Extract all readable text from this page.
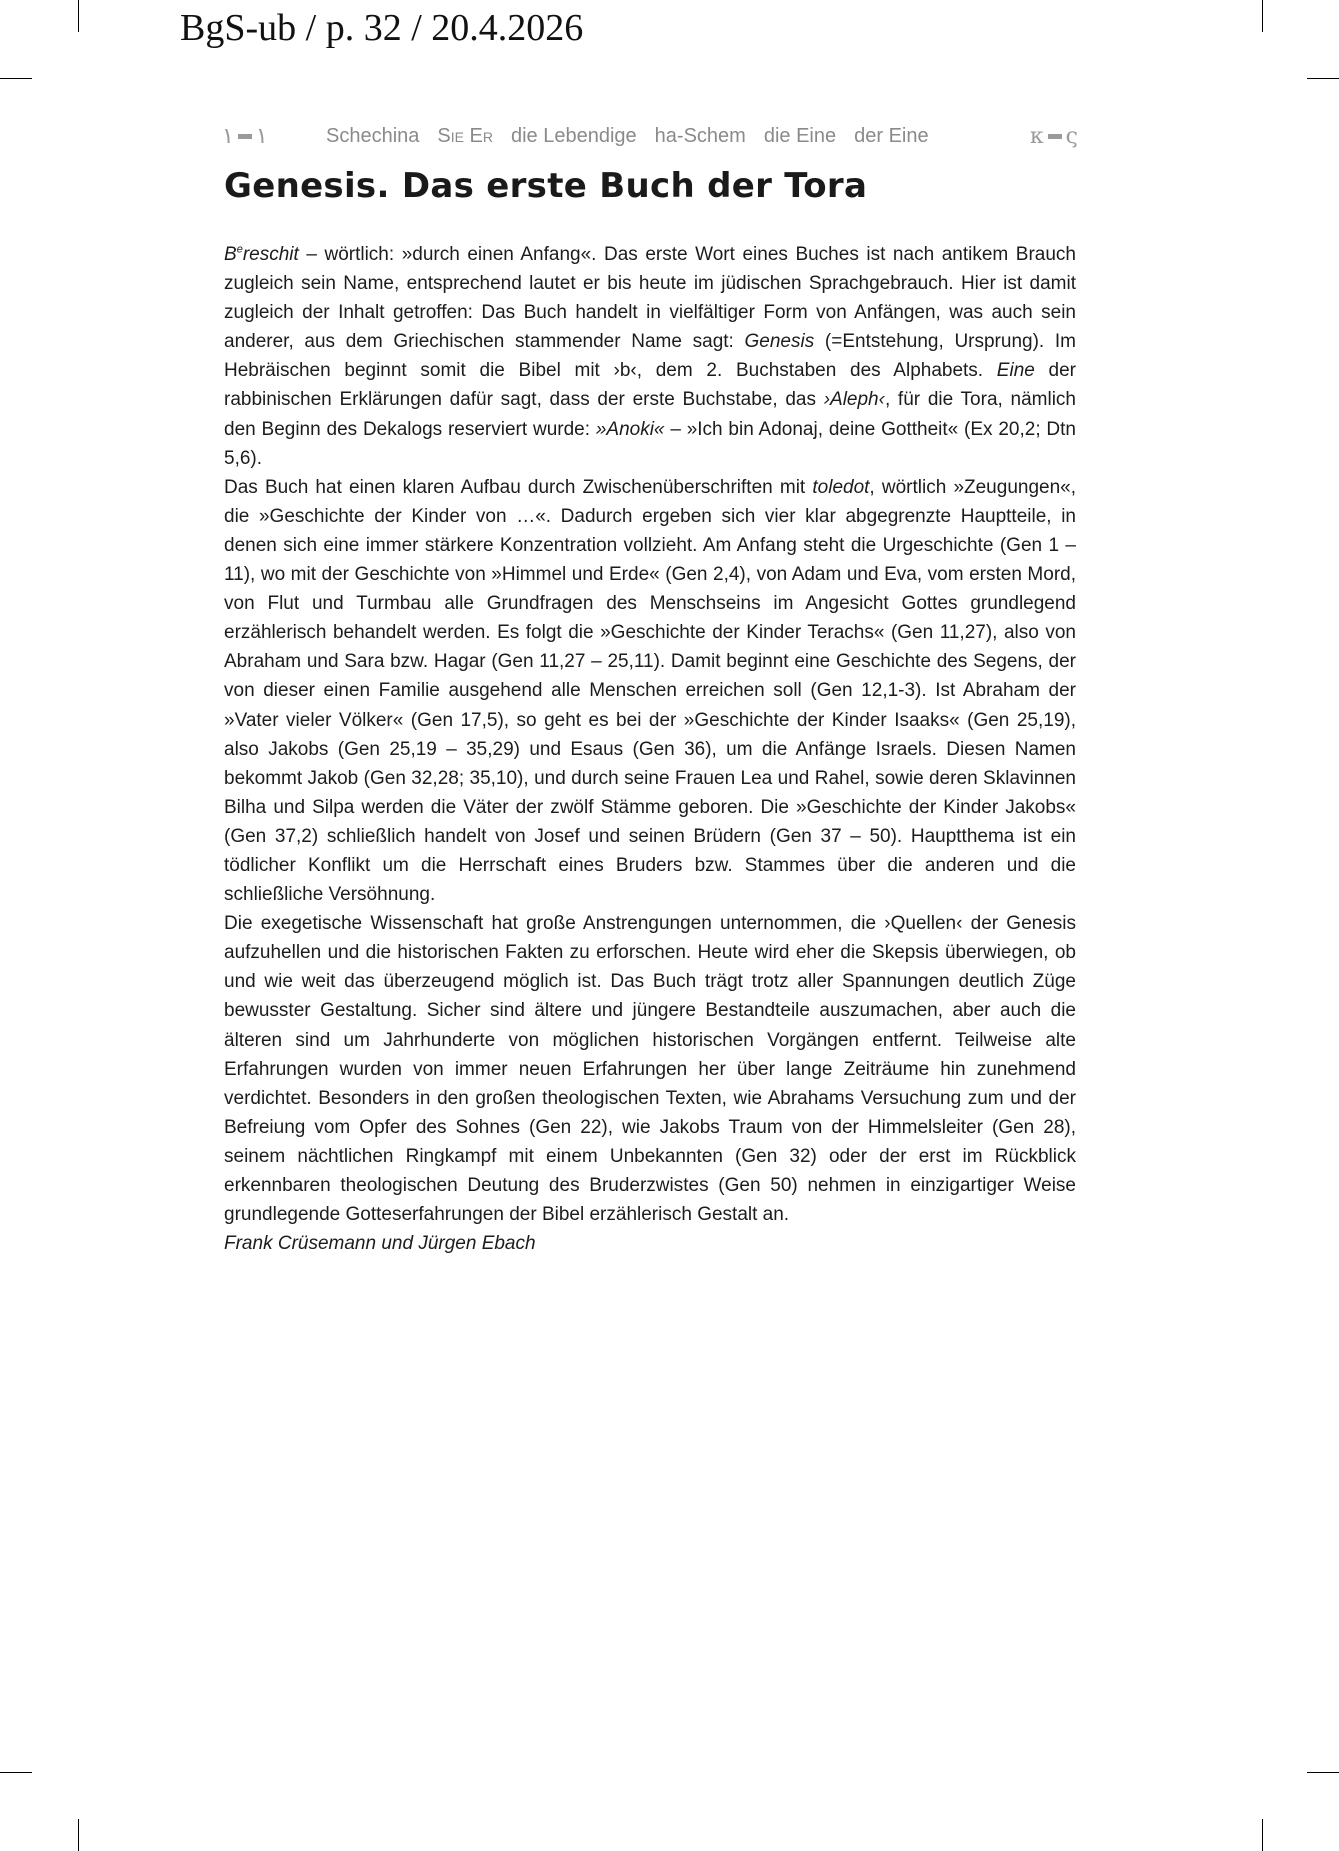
BgS-ub / p. 32 / 20.4.2026
١ ١	Schechina Sie Er die Lebendige ha-Schem die Eine der Eine	κ ς
Genesis. Das erste Buch der Tora

$B^ereschit$ – wörtlich: »durch einen Anfang«. Das erste Wort eines Buches ist nach antikem Brauch zugleich sein Name, entsprechend lautet er bis heute im jüdischen Sprachgebrauch. Hier ist damit zugleich der Inhalt getroffen: Das Buch handelt in vielfältiger Form von Anfängen, was auch sein anderer, aus dem Griechischen stammender Name sagt: Genesis (=Entstehung, Ursprung). Im Hebräischen beginnt somit die Bibel mit ›b‹, dem 2. Buchstaben des Alphabets. Eine der rabbinischen Erklärungen dafür sagt, dass der erste Buchstabe, das ›Aleph‹, für die Tora, nämlich den Beginn des Dekalogs reserviert wurde: »Anoki« – »Ich bin Adonaj, deine Gottheit« (Ex 20,2; Dtn 5,6).

Das Buch hat einen klaren Aufbau durch Zwischenüberschriften mit toledot, wörtlich »Zeugungen«, die »Geschichte der Kinder von …«. Dadurch ergeben sich vier klar abgegrenzte Hauptteile, in denen sich eine immer stärkere Konzentration vollzieht. Am Anfang steht die Urgeschichte (Gen 1 – 11), wo mit der Geschichte von »Himmel und Erde« (Gen 2,4), von Adam und Eva, vom ersten Mord, von Flut und Turmbau alle Grundfragen des Menschseins im Angesicht Gottes grundlegend erzählerisch behandelt werden. Es folgt die »Geschichte der Kinder Terachs« (Gen 11,27), also von Abraham und Sara bzw. Hagar (Gen 11,27 – 25,11). Damit beginnt eine Geschichte des Segens, der von dieser einen Familie ausgehend alle Menschen erreichen soll (Gen 12,1-3). Ist Abraham der »Vater vieler Völker« (Gen 17,5), so geht es bei der »Geschichte der Kinder Isaaks« (Gen 25,19), also Jakobs (Gen 25,19 – 35,29) und Esaus (Gen 36), um die Anfänge Israels. Diesen Namen bekommt Jakob (Gen 32,28; 35,10), und durch seine Frauen Lea und Rahel, sowie deren Sklavinnen Bilha und Silpa werden die Väter der zwölf Stämme geboren. Die »Geschichte der Kinder Jakobs« (Gen 37,2) schließlich handelt von Josef und seinen Brüdern (Gen 37 – 50). Hauptthema ist ein tödlicher Konflikt um die Herrschaft eines Bruders bzw. Stammes über die anderen und die schließliche Versöhnung.

Die exegetische Wissenschaft hat große Anstrengungen unternommen, die ›Quellen‹ der Genesis aufzuhellen und die historischen Fakten zu erforschen. Heute wird eher die Skepsis überwiegen, ob und wie weit das überzeugend möglich ist. Das Buch trägt trotz aller Spannungen deutlich Züge bewusster Gestaltung. Sicher sind ältere und jüngere Bestandteile auszumachen, aber auch die älteren sind um Jahrhunderte von möglichen historischen Vorgängen entfernt. Teilweise alte Erfahrungen wurden von immer neuen Erfahrungen her über lange Zeiträume hin zunehmend verdichtet. Besonders in den großen theologischen Texten, wie Abrahams Versuchung zum und der Befreiung vom Opfer des Sohnes (Gen 22), wie Jakobs Traum von der Himmelsleiter (Gen 28), seinem nächtlichen Ringkampf mit einem Unbekannten (Gen 32) oder der erst im Rückblick erkennbaren theologischen Deutung des Bruderzwistes (Gen 50) nehmen in einzigartiger Weise grundlegende Gotteserfahrungen der Bibel erzählerisch Gestalt an.

Frank Crüsemann und Jürgen Ebach
